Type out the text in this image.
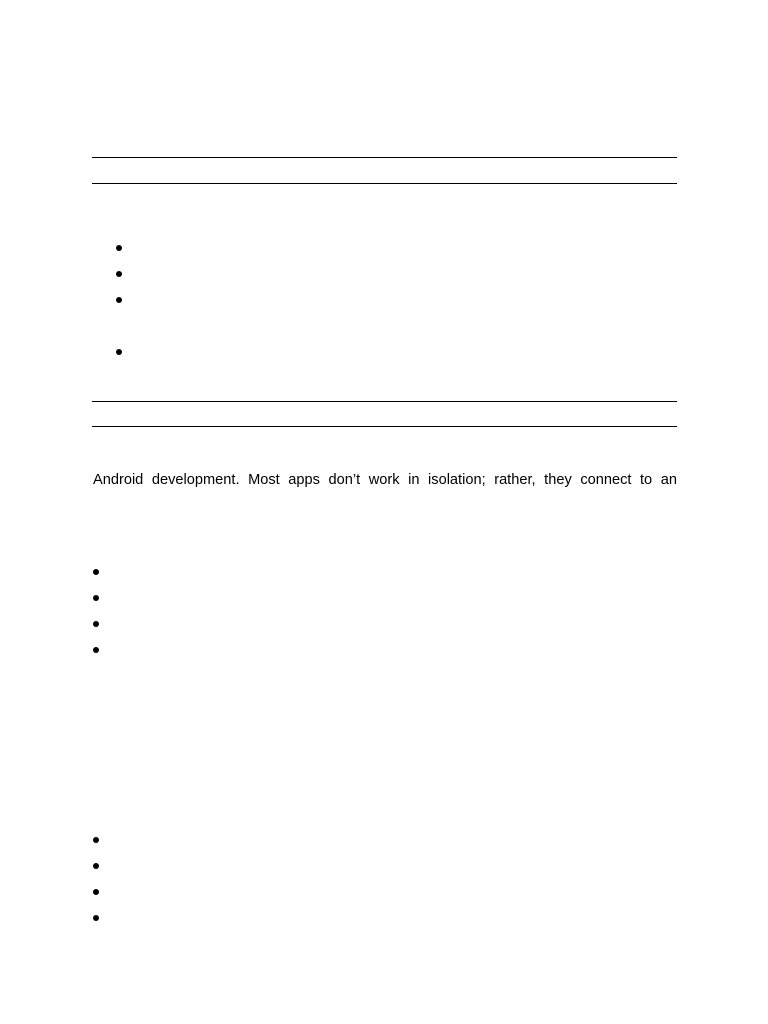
Android development. Most apps don’t work in isolation; rather, they connect to an
